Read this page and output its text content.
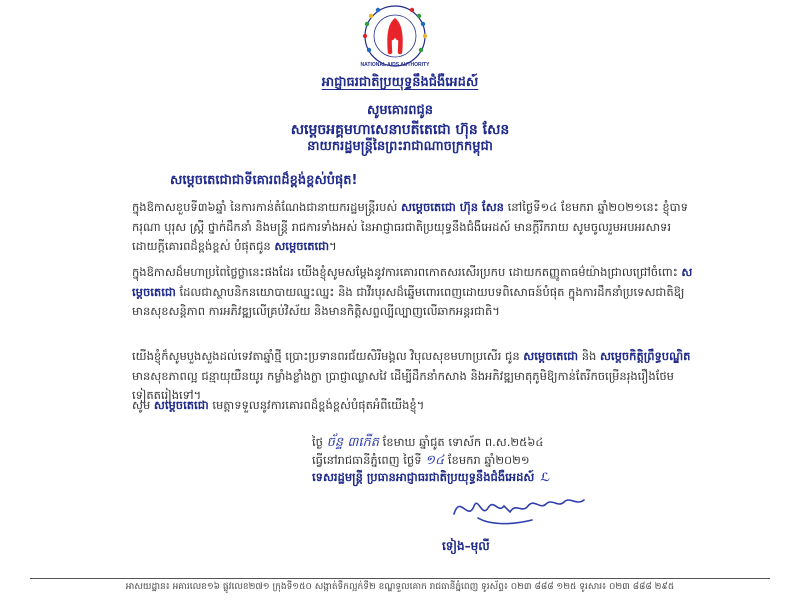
NATIONAL AIDS AUTHORITY
អាជ្ញាធរជាតិប្រយុទ្ធនឹងជំងឺអេដស៍
សូមគោរពជូន
សម្តេចអគ្គមហាសេនាបតីតេជោ ហ៊ុន សែន
នាយករដ្ឋមន្រ្តីនៃព្រះរាជាណាចក្រកម្ពុជា
សម្តេចតេជោជាទីគោរពដ៏ខ្ពង់ខ្ពស់បំផុត!
ក្នុងឱកាសខួបទី៣៦ឆ្នាំ នៃការកាន់តំណែងជានាយករដ្ឋមន្រ្តីរបស់ សម្តេចតេជោ ហ៊ុន សែន នៅថ្ងៃទី១៤ ខែមករា ឆ្នាំ២០២១នេះ ខ្ញុំបាទ ករុណា បុរុស ស្ត្រី ថ្នាក់ដឹកនាំ និងមន្ត្រី រាជការទាំងអស់ នៃអាជ្ញាធរជាតិប្រយុទ្ធនឹងជំងឺអេដស៍ មានក្តីរីករាយ សូមចូលរួមអបអរសាទរ ដោយក្តីគោរពដ៏ខ្ពង់ខ្ពស់ បំផុតជូន សម្តេចតេជោ។
ក្នុងឱកាសដ៏មហាប្រពៃថ្លៃថ្លានេះផងដែរ យើងខ្ញុំសូមសម្តែងនូវការគោរពកោតសរសើរប្រកប ដោយកតញ្ញូតាធម៌យ៉ាងជ្រាលជ្រៅចំពោះ សម្តេចតេជោ ដែលជាស្ថាបនិកនយោបាយឈ្នះឈ្នះ និង ជាវីរបុរសដ៏ឆ្នើមពោរពេញដោយបទពិសោធន៍បំផុត ក្នុងការដឹកនាំប្រទេសជាតិឱ្យមានសុខសន្តិភាព ការអភិវឌ្ឍលើគ្រប់វិស័យ និងមានកិត្តិសព្ទល្បីល្បាញលើឆាកអន្តរជាតិ។
យើងខ្ញុំក៏សូមបួងសួងដល់ទេវតាឆ្នាំថ្មី ប្រោះប្រទានពរជ័យសិរីមង្គល វិបុលសុខមហាប្រសើរ ជូន សម្តេចតេជោ និង សម្តេចកិត្តិព្រឹទ្ធបណ្ឌិត មានសុខភាពល្អ ជន្មាយុយឺនយូរ កម្លាំងខ្លាំងក្លា ប្រាជ្ញាឈ្លាសវៃ ដើម្បីដឹកនាំកសាង និងអភិវឌ្ឍមាតុភូមិឱ្យកាន់តែរីកចម្រើនរុងរឿងថែមទៀតតរៀងទៅ។
សូម សម្តេចតេជោ មេត្តាទទួលនូវការគោរពដ៏ខ្ពង់ខ្ពស់បំផុតអំពីយើងខ្ញុំ។
ថ្ងៃ ច័ន្ទ ៣កើត ខែមាឃ ឆ្នាំជូត ទោស័ក ព.ស.២៥៦៤
ធ្វើនៅរាជធានីភ្នំពេញ ថ្ងៃទី ១៤ ខែមករា ឆ្នាំ២០២១
ទេសរដ្ឋមន្ត្រី ប្រធានអាជ្ញាធរជាតិប្រយុទ្ធនឹងជំងឺអេដស៍ ℒ
ទៀង–មុលី
អាសយដ្ឋាន៖ អគារលេខ១៦ ផ្លូវលេខ២៧១ ក្រុងទី១៥០ សង្កាត់ទឹកល្អក់ទី២ ខណ្ឌទួលគោក រាជធានីភ្នំពេញ ទូរស័ព្ទ៖ ០២៣ ៨៨៨ ១២៥ ទូរសារ៖ ០២៣ ៨៨៨ ២៩៥
